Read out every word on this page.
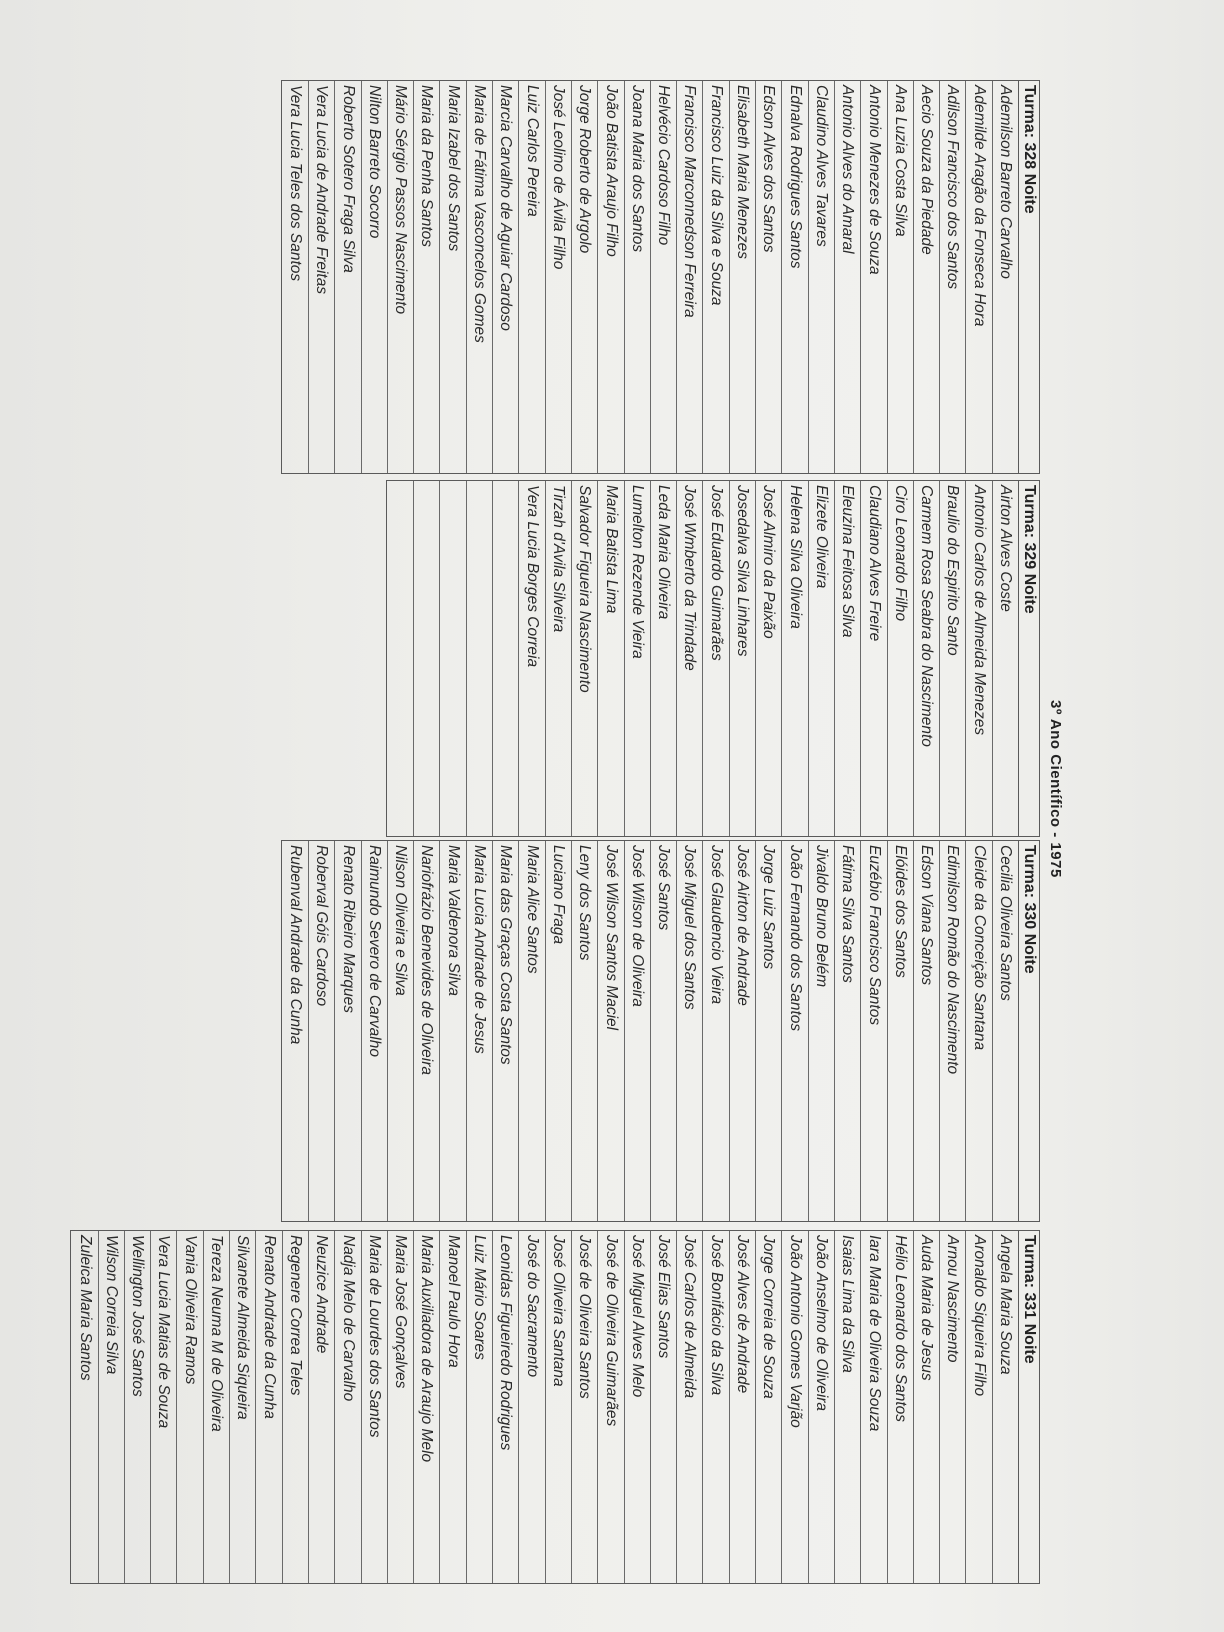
3º Ano Científico - 1975
Turma: 328 Noite
Ademilson Barreto Carvalho
Ademilde Aragão da Fonseca Hora
Adilson Francisco dos Santos
Aecio Souza da Piedade
Ana Luzia Costa Silva
Antonio Menezes de Souza
Antonio Alves do Amaral
Claudino Alves Tavares
Ednalva Rodrigues Santos
Edson Alves dos Santos
Elisabeth Maria Menezes
Francisco Luiz da Silva e Souza
Francisco Marconnedson Ferreira
Helvécio Cardoso Filho
Joana Maria dos Santos
João Batista Araujo Filho
Jorge Roberto de Argolo
José Leolino de Ávila Filho
Luiz Carlos Pereira
Marcia Carvalho de Aguiar Cardoso
Maria de Fátima Vasconcelos Gomes
Maria Izabel dos Santos
Maria da Penha Santos
Mário Sérgio Passos Nascimento
Nilton Barreto Socorro
Roberto Sotero Fraga Silva
Vera Lucia de Andrade Freitas
Vera Lucia Teles dos Santos
Turma: 329 Noite
Airton Alves Coste
Antonio Carlos de Almeida Menezes
Braulio do Espirito Santo
Carmem Rosa Seabra do Nascimento
Ciro Leonardo Filho
Claudiano Alves Freire
Eleuzina Feitosa Silva
Elizete Oliveira
Helena Silva Oliveira
José Almiro da Paixão
Josedalva Silva Linhares
José Eduardo Guimarães
José Wmberto da Trindade
Leda Maria Oliveira
Lumelton Rezende Vieira
Maria Batista Lima
Salvador Figueira Nascimento
Tirzah d'Avila Silveira
Vera Lucia Borges Correia
Turma: 330 Noite
Cecilia Oliveira Santos
Cleide da Conceição Santana
Edimilson Romão do Nascimento
Edson Viana Santos
Elóides dos Santos
Euzébio Francisco Santos
Fátima Silva Santos
Jivaldo Bruno Belém
João Fernando dos Santos
Jorge Luiz Santos
José Airton de Andrade
José Glaudencio Vieira
José Miguel dos Santos
José Santos
José Wilson de Oliveira
José Wilson Santos Maciel
Leny dos Santos
Luciano Fraga
Maria Alice Santos
Maria das Graças Costa Santos
Maria Lucia Andrade de Jesus
Maria Valdenora Silva
Nariofrázio Benevides de Oliveira
Nilson Oliveira e Silva
Raimundo Severo de Carvalho
Renato Ribeiro Marques
Roberval Góis Cardoso
Rubenval Andrade da Cunha
Turma: 331 Noite
Angela Maria Souza
Aronaldo Siqueira Filho
Arnou Nascimento
Auda Maria de Jesus
Hélio Leonardo dos Santos
Iara Maria de Oliveira Souza
Isaias Lima da Silva
João Anselmo de Oliveira
João Antonio Gomes Varjão
Jorge Correia de Souza
José Alves de Andrade
José Bonifácio da Silva
José Carlos de Almeida
José Elias Santos
José Miguel Alves Melo
José de Oliveira Guimarães
José de Oliveira Santos
José Oliveira Santana
José do Sacramento
Leonidas Figueiredo Rodrigues
Luiz Mário Soares
Manoel Paulo Hora
Maria Auxiliadora de Araujo Melo
Maria José Gonçalves
Maria de Lourdes dos Santos
Nadja Melo de Carvalho
Neuzice Andrade
Regenere Correa Teles
Renato Andrade da Cunha
Silvanete Almeida Siqueira
Tereza Neuma M de Oliveira
Vania Oliveira Ramos
Vera Lucia Matias de Souza
Wellington José Santos
Wilson Correia Silva
Zuleica Maria Santos
